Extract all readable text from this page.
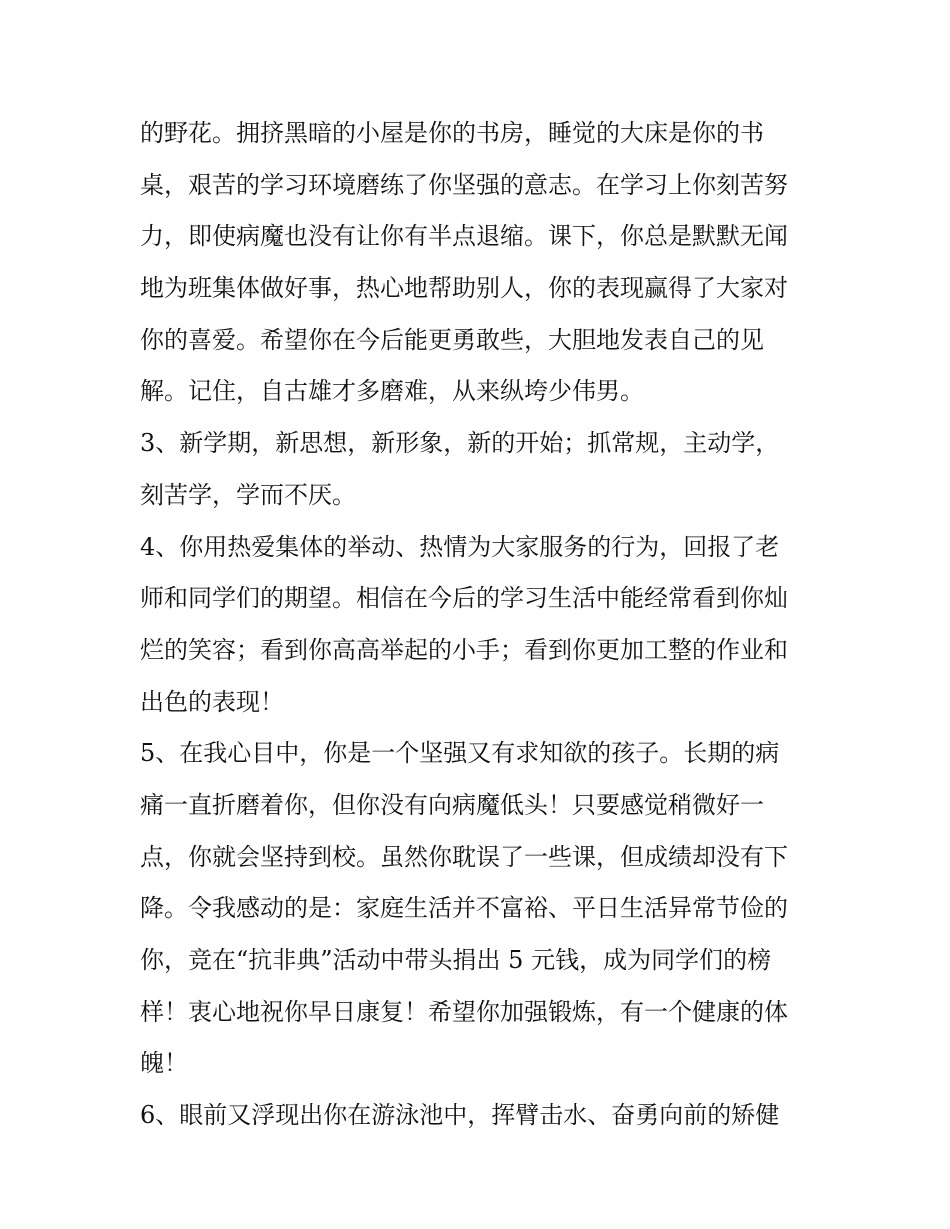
的野花。拥挤黑暗的小屋是你的书房，睡觉的大床是你的书
桌，艰苦的学习环境磨练了你坚强的意志。在学习上你刻苦努
力，即使病魔也没有让你有半点退缩。课下，你总是默默无闻
地为班集体做好事，热心地帮助别人，你的表现赢得了大家对
你的喜爱。希望你在今后能更勇敢些，大胆地发表自己的见
解。记住，自古雄才多磨难，从来纵垮少伟男。
3、新学期，新思想，新形象，新的开始；抓常规，主动学，
刻苦学，学而不厌。
4、你用热爱集体的举动、热情为大家服务的行为，回报了老
师和同学们的期望。相信在今后的学习生活中能经常看到你灿
烂的笑容；看到你高高举起的小手；看到你更加工整的作业和
出色的表现！
5、在我心目中，你是一个坚强又有求知欲的孩子。长期的病
痛一直折磨着你，但你没有向病魔低头！只要感觉稍微好一
点，你就会坚持到校。虽然你耽误了一些课，但成绩却没有下
降。令我感动的是：家庭生活并不富裕、平日生活异常节俭的
你，竞在“抗非典”活动中带头捐出 5 元钱，成为同学们的榜
样！衷心地祝你早日康复！希望你加强锻炼，有一个健康的体
魄！
6、眼前又浮现出你在游泳池中，挥臂击水、奋勇向前的矫健
